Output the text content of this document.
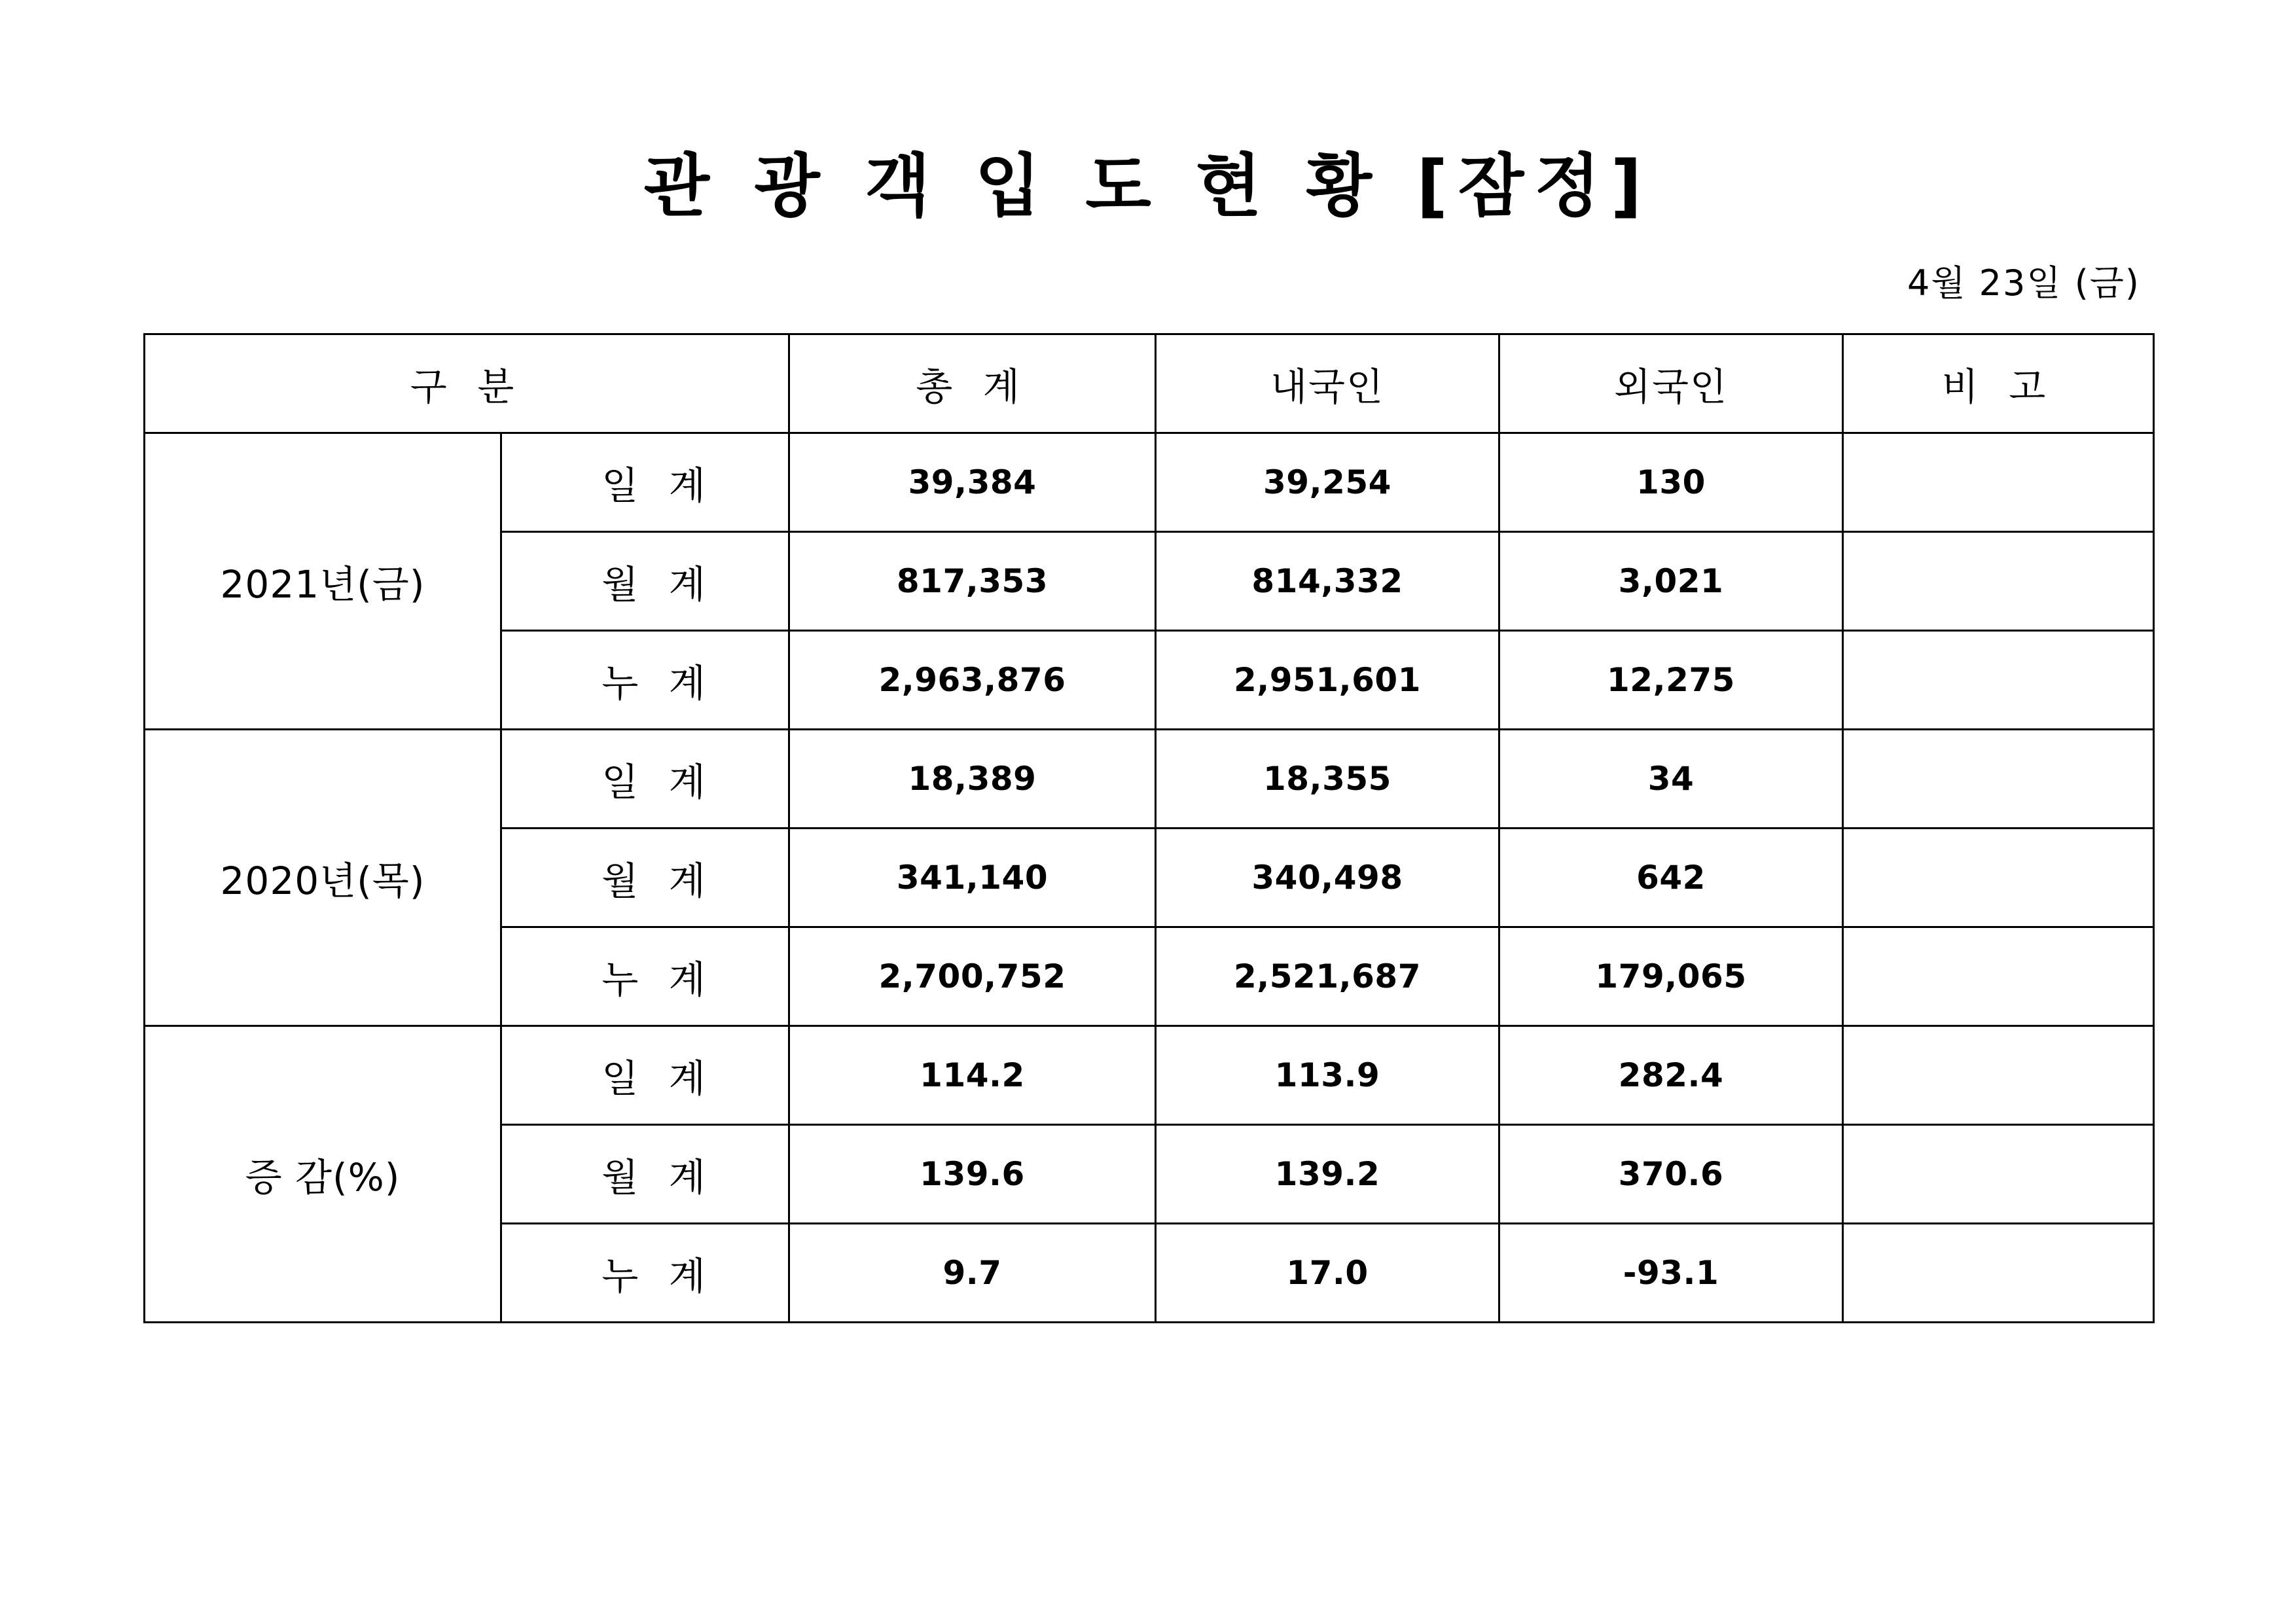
관 광 객 입 도 현 황 [잠정]
4월 23일 (금)
구 분		총 계	내국인	외국인	비 고
2021년(금)	일 계	39,384	39,254	130	
	월 계	817,353	814,332	3,021	
	누 계	2,963,876	2,951,601	12,275	
2020년(목)	일 계	18,389	18,355	34	
	월 계	341,140	340,498	642	
	누 계	2,700,752	2,521,687	179,065	
증 감(%)	일 계	114.2	113.9	282.4	
	월 계	139.6	139.2	370.6	
	누 계	9.7	17.0	-93.1	
